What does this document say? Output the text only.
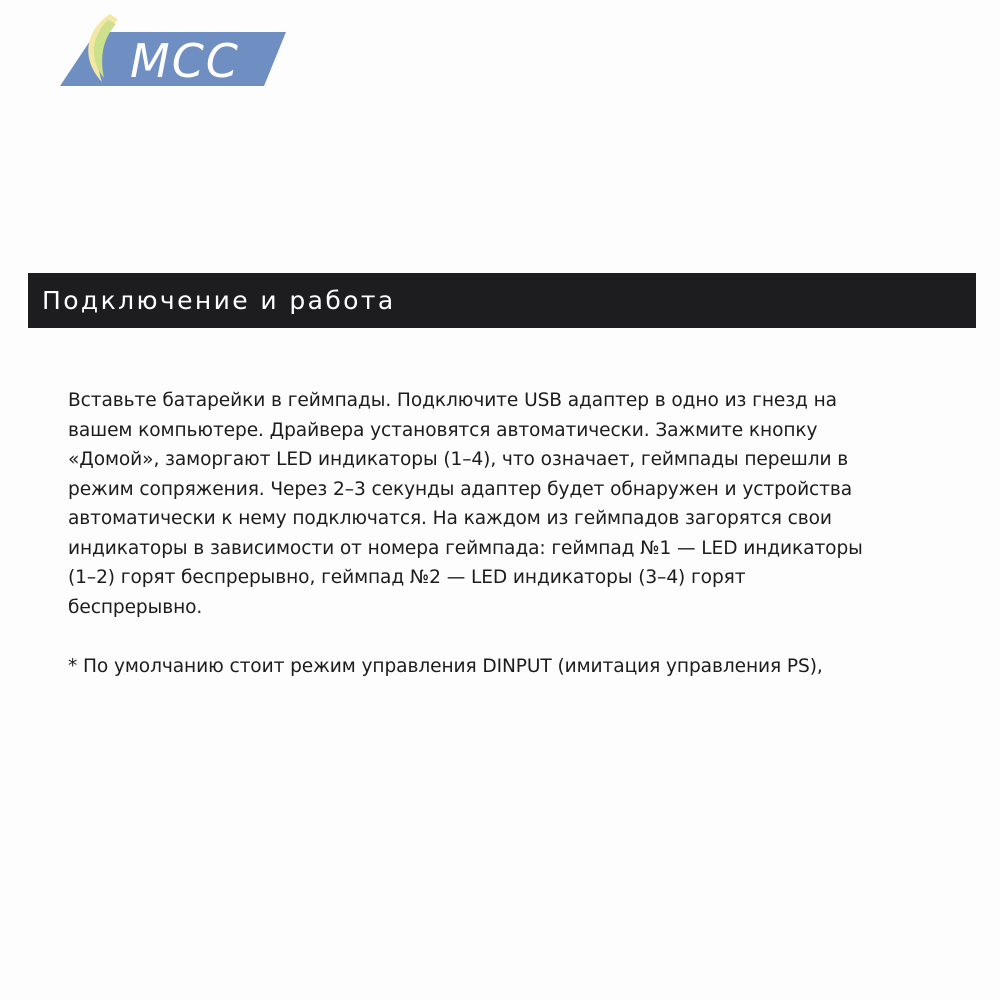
MCC
Подключение и работа
Вставьте батарейки в геймпады. Подключите USB адаптер в одно из гнезд на
вашем компьютере. Драйвера установятся автоматически. Зажмите кнопку
«Домой», заморгают LED индикаторы (1–4), что означает, геймпады перешли в
режим сопряжения. Через 2–3 секунды адаптер будет обнаружен и устройства
автоматически к нему подключатся. На каждом из геймпадов загорятся свои
индикаторы в зависимости от номера геймпада: геймпад №1 — LED индикаторы
(1–2) горят беспрерывно, геймпад №2 — LED индикаторы (3–4) горят
беспрерывно.
* По умолчанию стоит режим управления DINPUT (имитация управления PS),
